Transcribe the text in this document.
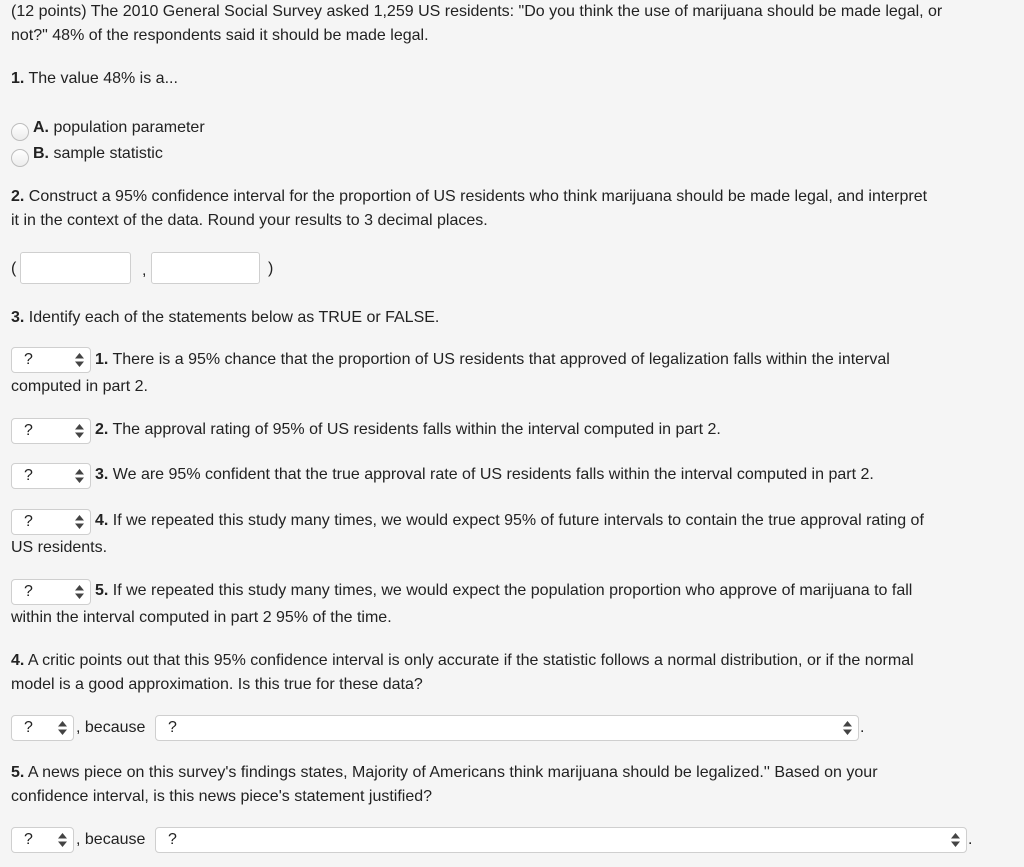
(12 points) The 2010 General Social Survey asked 1,259 US residents: "Do you think the use of marijuana should be made legal, or
not?" 48% of the respondents said it should be made legal.
1. The value 48% is a...
A. population parameter
B. sample statistic
2. Construct a 95% confidence interval for the proportion of US residents who think marijuana should be made legal, and interpret
it in the context of the data. Round your results to 3 decimal places.
(	,	)
3. Identify each of the statements below as TRUE or FALSE.
?	1. There is a 95% chance that the proportion of US residents that approved of legalization falls within the interval
computed in part 2.
?	2. The approval rating of 95% of US residents falls within the interval computed in part 2.
?	3. We are 95% confident that the true approval rate of US residents falls within the interval computed in part 2.
?	4. If we repeated this study many times, we would expect 95% of future intervals to contain the true approval rating of
US residents.
?	5. If we repeated this study many times, we would expect the population proportion who approve of marijuana to fall
within the interval computed in part 2 95% of the time.
4. A critic points out that this 95% confidence interval is only accurate if the statistic follows a normal distribution, or if the normal
model is a good approximation. Is this true for these data?
?	, because ?	.
5. A news piece on this survey's findings states, Majority of Americans think marijuana should be legalized.'' Based on your
confidence interval, is this news piece's statement justified?
?	, because ?	.
